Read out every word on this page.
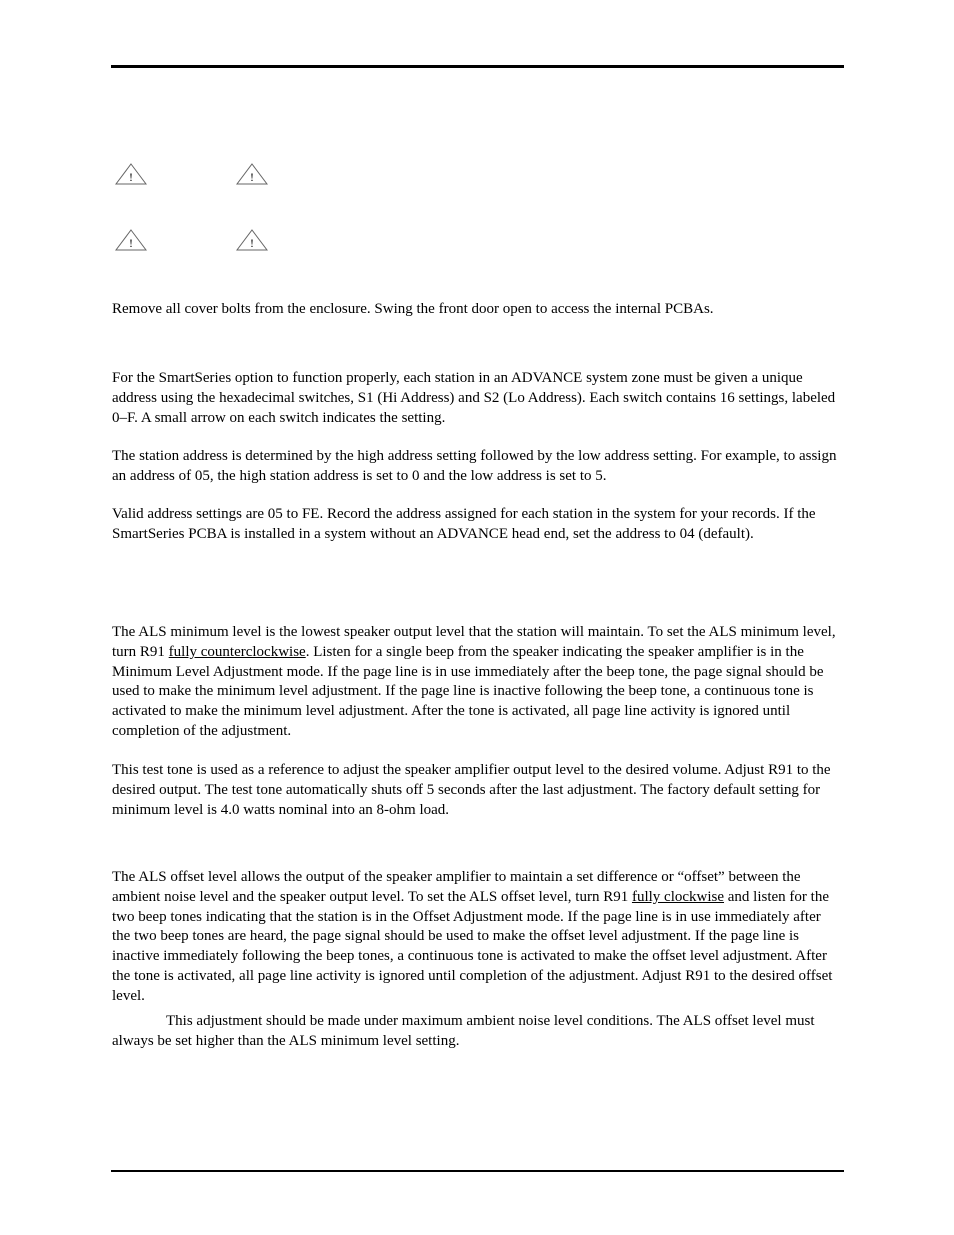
!	!
!	!

Remove all cover bolts from the enclosure. Swing the front door open to access the internal PCBAs.

For the SmartSeries option to function properly, each station in an ADVANCE system zone must be given a unique address using the hexadecimal switches, S1 (Hi Address) and S2 (Lo Address). Each switch contains 16 settings, labeled 0–F. A small arrow on each switch indicates the setting.

The station address is determined by the high address setting followed by the low address setting. For example, to assign an address of 05, the high station address is set to 0 and the low address is set to 5.

Valid address settings are 05 to FE. Record the address assigned for each station in the system for your records. If the SmartSeries PCBA is installed in a system without an ADVANCE head end, set the address to 04 (default).

The ALS minimum level is the lowest speaker output level that the station will maintain. To set the ALS minimum level, turn R91 fully counterclockwise. Listen for a single beep from the speaker indicating the speaker amplifier is in the Minimum Level Adjustment mode. If the page line is in use immediately after the beep tone, the page signal should be used to make the minimum level adjustment. If the page line is inactive following the beep tone, a continuous tone is activated to make the minimum level adjustment. After the tone is activated, all page line activity is ignored until completion of the adjustment.

This test tone is used as a reference to adjust the speaker amplifier output level to the desired volume. Adjust R91 to the desired output. The test tone automatically shuts off 5 seconds after the last adjustment. The factory default setting for minimum level is 4.0 watts nominal into an 8-ohm load.

The ALS offset level allows the output of the speaker amplifier to maintain a set difference or “offset” between the ambient noise level and the speaker output level. To set the ALS offset level, turn R91 fully clockwise and listen for the two beep tones indicating that the station is in the Offset Adjustment mode. If the page line is in use immediately after the two beep tones are heard, the page signal should be used to make the offset level adjustment. If the page line is inactive immediately following the beep tones, a continuous tone is activated to make the offset level adjustment. After the tone is activated, all page line activity is ignored until completion of the adjustment. Adjust R91 to the desired offset level.

This adjustment should be made under maximum ambient noise level conditions. The ALS offset level must always be set higher than the ALS minimum level setting.
